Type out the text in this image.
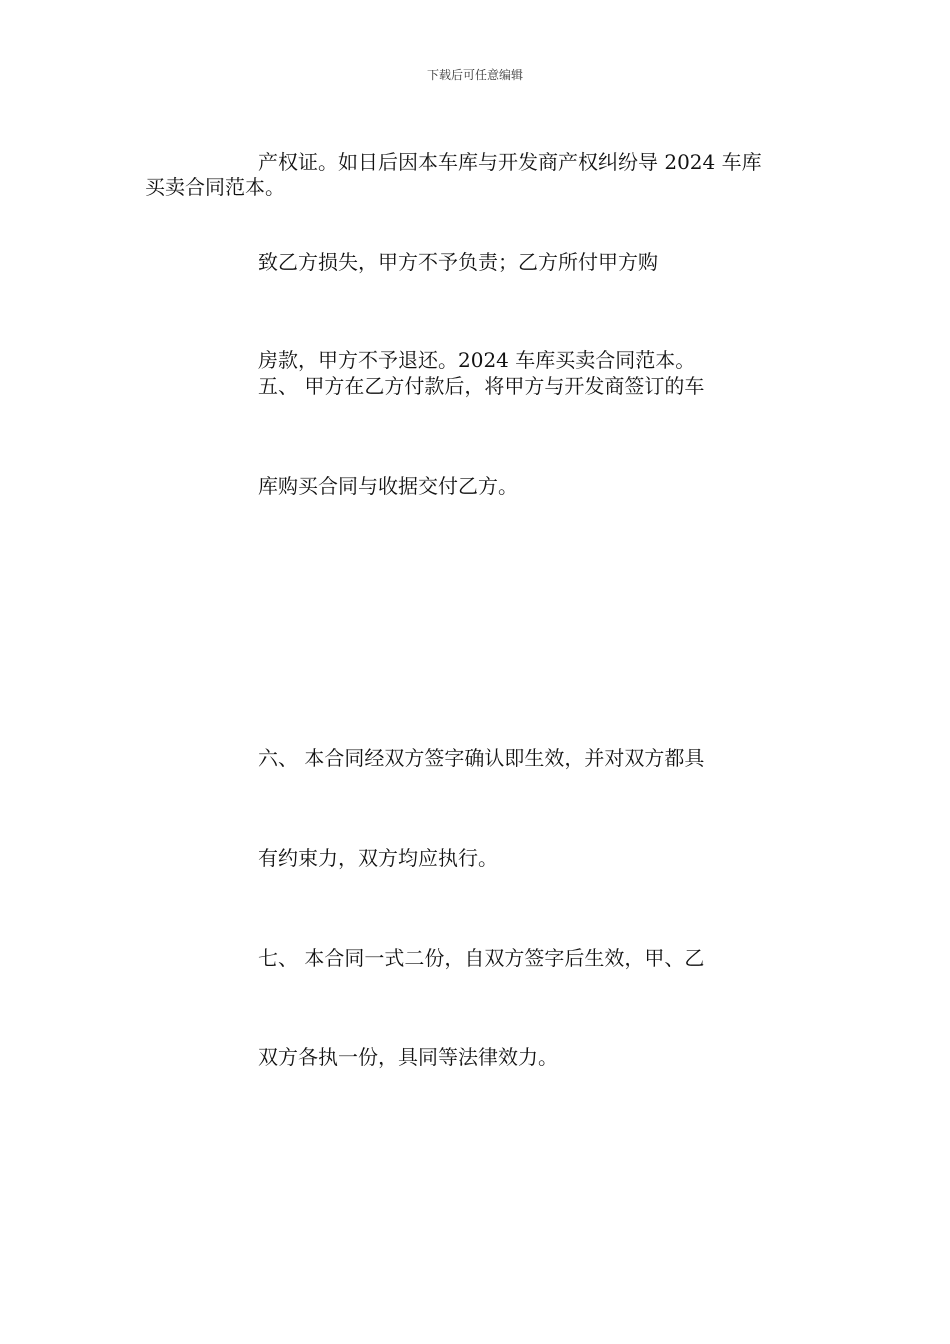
下载后可任意编辑
产权证。如日后因本车库与开发商产权纠纷导 2024 车库
买卖合同范本。
致乙方损失，甲方不予负责；乙方所付甲方购
房款，甲方不予退还。2024 车库买卖合同范本。
五、 甲方在乙方付款后，将甲方与开发商签订的车
库购买合同与收据交付乙方。
六、 本合同经双方签字确认即生效，并对双方都具
有约束力，双方均应执行。
七、 本合同一式二份，自双方签字后生效，甲、乙
双方各执一份，具同等法律效力。
